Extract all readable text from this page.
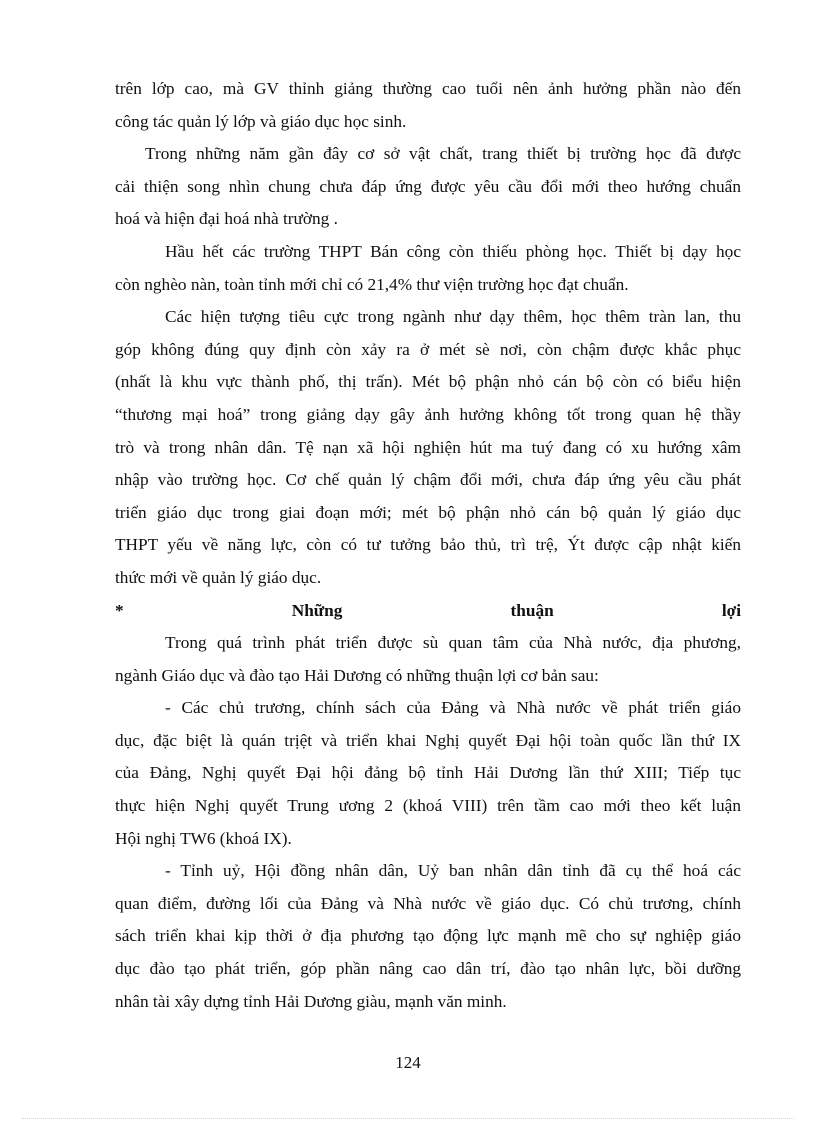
trên lớp cao, mà GV thỉnh giảng thường cao tuổi nên ảnh hưởng phần nào đến
công tác quản lý lớp và giáo dục học sinh.
Trong những năm gần đây cơ sở vật chất, trang thiết bị trường học đã được
cải thiện song nhìn chung chưa đáp ứng được yêu cầu đổi mới theo hướng chuẩn
hoá và hiện đại hoá nhà trường .
Hầu hết các trường THPT Bán công còn thiếu phòng học. Thiết bị dạy học
còn nghèo nàn, toàn tỉnh mới chỉ có 21,4% thư viện trường học đạt chuẩn.
Các hiện tượng tiêu cực trong ngành như dạy thêm, học thêm tràn lan, thu
góp không đúng quy định còn xảy ra ở mét sè nơi, còn chậm được khắc phục
(nhất là khu vực thành phố, thị trấn). Mét bộ phận nhỏ cán bộ còn có biểu hiện
“thương mại hoá” trong giảng dạy gây ảnh hưởng không tốt trong quan hệ thầy
trò và trong nhân dân. Tệ nạn xã hội nghiện hút ma tuý đang có xu hướng xâm
nhập vào trường học. Cơ chế quản lý chậm đổi mới, chưa đáp ứng yêu cầu phát
triển giáo dục trong giai đoạn mới; mét bộ phận nhỏ cán bộ quản lý giáo dục
THPT yếu về năng lực, còn có tư tưởng bảo thủ, trì trệ, Ýt được cập nhật kiến
thức mới về quản lý giáo dục.
*	Những	thuận	lợi
Trong quá trình phát triển được sù quan tâm của Nhà nước, địa phương,
ngành Giáo dục và đào tạo Hải Dương có những thuận lợi cơ bản sau:
- Các chủ trương, chính sách của Đảng và Nhà nước về phát triển giáo
dục, đặc biệt là quán trịệt và triển khai Nghị quyết Đại hội toàn quốc lần thứ IX
của Đảng, Nghị quyết Đại hội đảng bộ tỉnh Hải Dương lần thứ XIII; Tiếp tục
thực hiện Nghị quyết Trung ương 2 (khoá VIII) trên tầm cao mới theo kết luận
Hội nghị TW6 (khoá IX).
- Tỉnh uỷ, Hội đồng nhân dân, Uỷ ban nhân dân tỉnh đã cụ thể hoá các
quan điểm, đường lối của Đảng và Nhà nước về giáo dục. Có chủ trương, chính
sách triển khai kịp thời ở địa phương tạo động lực mạnh mẽ cho sự nghiệp giáo
dục đào tạo phát triển, góp phần nâng cao dân trí, đào tạo nhân lực, bồi dưỡng
nhân tài xây dựng tỉnh Hải Dương giàu, mạnh văn minh.
124
